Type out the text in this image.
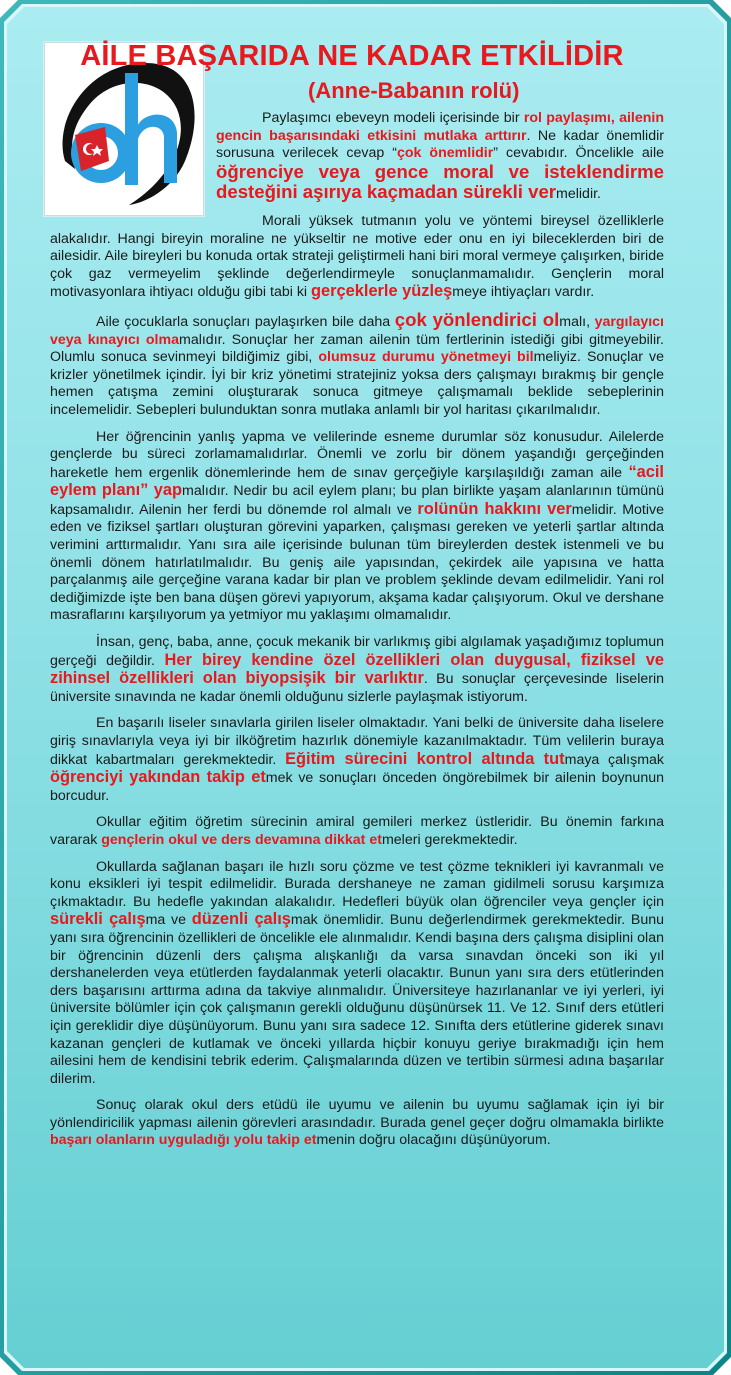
AİLE BAŞARIDA NE KADAR ETKİLİDİR
(Anne-Babanın rolü)

Paylaşımcı ebeveyn modeli içerisinde bir rol paylaşımı, ailenin gencin başarısındaki etkisini mutlaka arttırır. Ne kadar önemlidir sorusuna verilecek cevap “çok önemlidir” cevabıdır. Öncelikle aile öğrenciye veya gence moral ve isteklendirme desteğini aşırıya kaçmadan sürekli vermelidir.

Morali yüksek tutmanın yolu ve yöntemi bireysel özelliklerle alakalıdır. Hangi bireyin moraline ne yükseltir ne motive eder onu en iyi bileceklerden biri de ailesidir. Aile bireyleri bu konuda ortak strateji geliştirmeli hani biri moral vermeye çalışırken, biride çok gaz vermeyelim şeklinde değerlendirmeyle sonuçlanmamalıdır. Gençlerin moral motivasyonlara ihtiyacı olduğu gibi tabi ki gerçeklerle yüzleşmeye ihtiyaçları vardır.

Aile çocuklarla sonuçları paylaşırken bile daha çok yönlendirici olmalı, yargılayıcı veya kınayıcı olmamalıdır. Sonuçlar her zaman ailenin tüm fertlerinin istediği gibi gitmeyebilir. Olumlu sonuca sevinmeyi bildiğimiz gibi, olumsuz durumu yönetmeyi bilmeliyiz. Sonuçlar ve krizler yönetilmek içindir. İyi bir kriz yönetimi stratejiniz yoksa ders çalışmayı bırakmış bir gençle hemen çatışma zemini oluşturarak sonuca gitmeye çalışmamalı beklide sebeplerinin incelemelidir. Sebepleri bulunduktan sonra mutlaka anlamlı bir yol haritası çıkarılmalıdır.

Her öğrencinin yanlış yapma ve velilerinde esneme durumlar söz konusudur. Ailelerde gençlerde bu süreci zorlamamalıdırlar. Önemli ve zorlu bir dönem yaşandığı gerçeğinden hareketle hem ergenlik dönemlerinde hem de sınav gerçeğiyle karşılaşıldığı zaman aile “acil eylem planı” yapmalıdır. Nedir bu acil eylem planı; bu plan birlikte yaşam alanlarının tümünü kapsamalıdır. Ailenin her ferdi bu dönemde rol almalı ve rolünün hakkını vermelidir. Motive eden ve fiziksel şartları oluşturan görevini yaparken, çalışması gereken ve yeterli şartlar altında verimini arttırmalıdır. Yanı sıra aile içerisinde bulunan tüm bireylerden destek istenmeli ve bu önemli dönem hatırlatılmalıdır. Bu geniş aile yapısından, çekirdek aile yapısına ve hatta parçalanmış aile gerçeğine varana kadar bir plan ve problem şeklinde devam edilmelidir. Yani rol dediğimizde işte ben bana düşen görevi yapıyorum, akşama kadar çalışıyorum. Okul ve dershane masraflarını karşılıyorum ya yetmiyor mu yaklaşımı olmamalıdır.

İnsan, genç, baba, anne, çocuk mekanik bir varlıkmış gibi algılamak yaşadığımız toplumun gerçeği değildir. Her birey kendine özel özellikleri olan duygusal, fiziksel ve zihinsel özellikleri olan biyopsişik bir varlıktır. Bu sonuçlar çerçevesinde liselerin üniversite sınavında ne kadar önemli olduğunu sizlerle paylaşmak istiyorum.

En başarılı liseler sınavlarla girilen liseler olmaktadır. Yani belki de üniversite daha liselere giriş sınavlarıyla veya iyi bir ilköğretim hazırlık dönemiyle kazanılmaktadır. Tüm velilerin buraya dikkat kabartmaları gerekmektedir. Eğitim sürecini kontrol altında tutmaya çalışmak öğrenciyi yakından takip etmek ve sonuçları önceden öngörebilmek bir ailenin boynunun borcudur.

Okullar eğitim öğretim sürecinin amiral gemileri merkez üstleridir. Bu önemin farkına vararak gençlerin okul ve ders devamına dikkat etmeleri gerekmektedir.

Okullarda sağlanan başarı ile hızlı soru çözme ve test çözme teknikleri iyi kavranmalı ve konu eksikleri iyi tespit edilmelidir. Burada dershaneye ne zaman gidilmeli sorusu karşımıza çıkmaktadır. Bu hedefle yakından alakalıdır. Hedefleri büyük olan öğrenciler veya gençler için sürekli çalışma ve düzenli çalışmak önemlidir. Bunu değerlendirmek gerekmektedir. Bunu yanı sıra öğrencinin özellikleri de öncelikle ele alınmalıdır. Kendi başına ders çalışma disiplini olan bir öğrencinin düzenli ders çalışma alışkanlığı da varsa sınavdan önceki son iki yıl dershanelerden veya etütlerden faydalanmak yeterli olacaktır. Bunun yanı sıra ders etütlerinden ders başarısını arttırma adına da takviye alınmalıdır. Üniversiteye hazırlananlar ve iyi yerleri, iyi üniversite bölümler için çok çalışmanın gerekli olduğunu düşünürsek 11. Ve 12. Sınıf ders etütleri için gereklidir diye düşünüyorum. Bunu yanı sıra sadece 12. Sınıfta ders etütlerine giderek sınavı kazanan gençleri de kutlamak ve önceki yıllarda hiçbir konuyu geriye bırakmadığı için hem ailesini hem de kendisini tebrik ederim. Çalışmalarında düzen ve tertibin sürmesi adına başarılar dilerim.

Sonuç olarak okul ders etüdü ile uyumu ve ailenin bu uyumu sağlamak için iyi bir yönlendiricilik yapması ailenin görevleri arasındadır. Burada genel geçer doğru olmamakla birlikte başarı olanların uyguladığı yolu takip etmenin doğru olacağını düşünüyorum.
